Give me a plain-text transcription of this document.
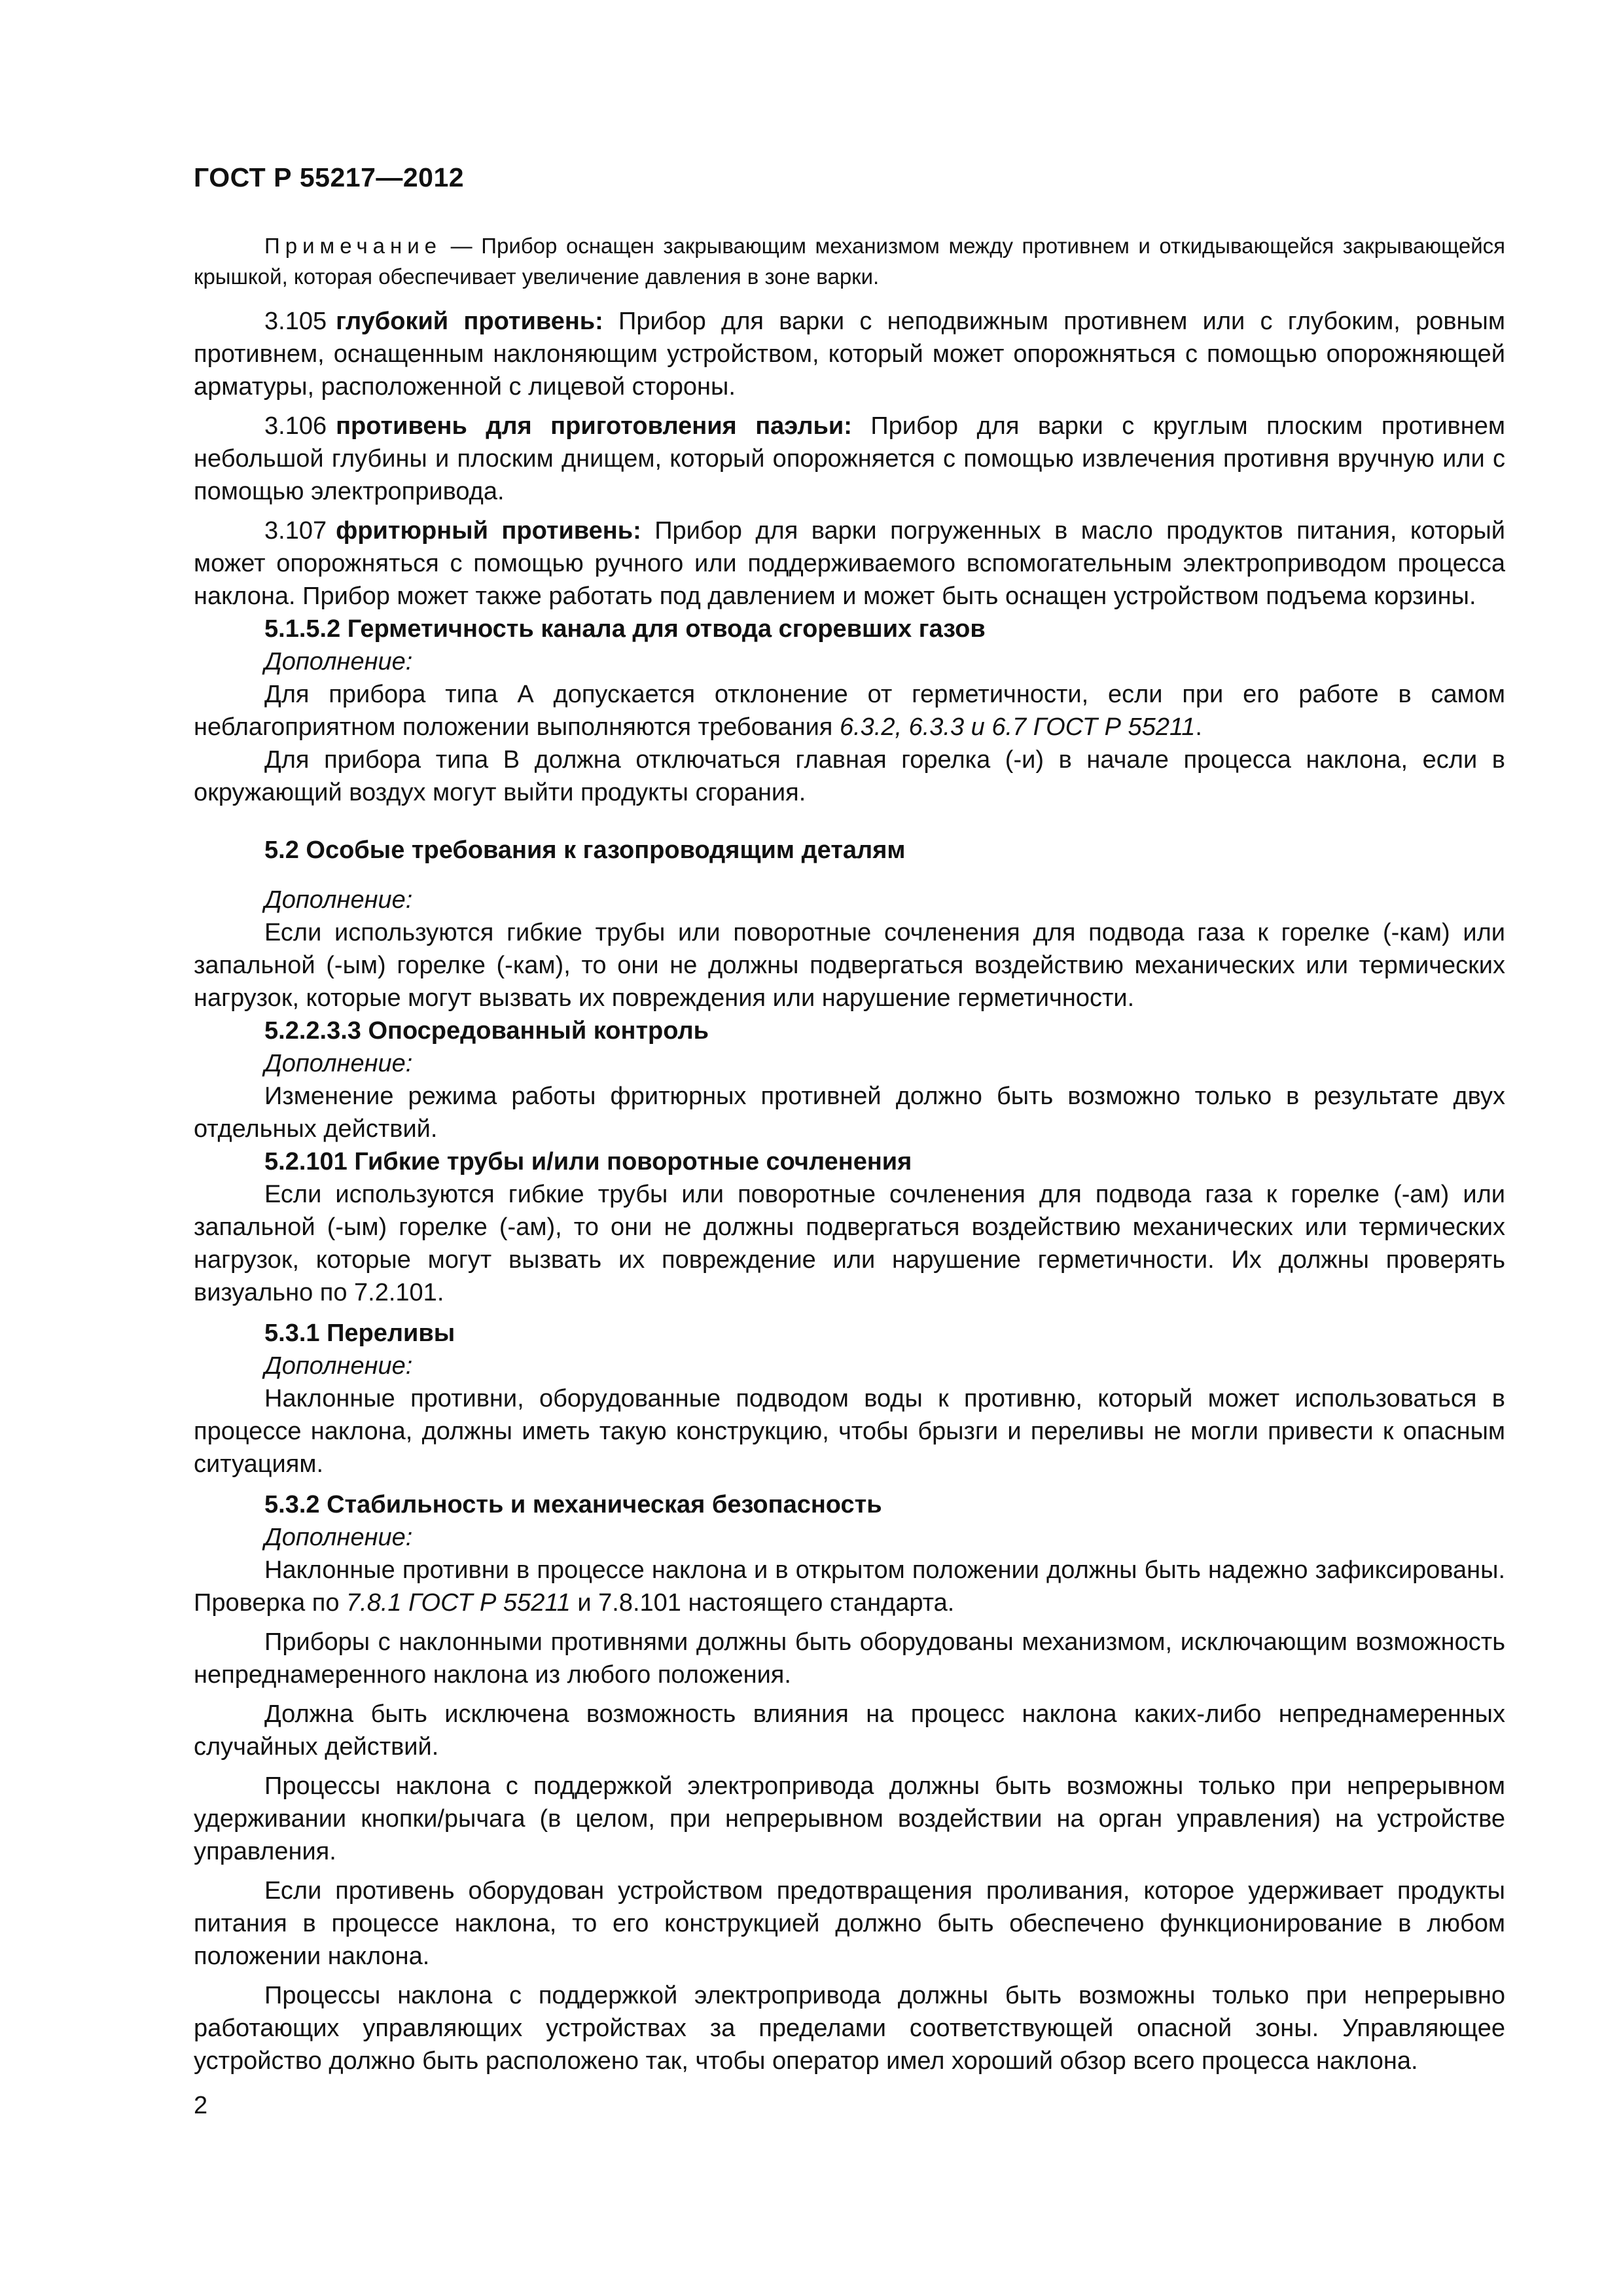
ГОСТ Р 55217—2012
Примечание — Прибор оснащен закрывающим механизмом между противнем и откидывающейся закрывающейся крышкой, которая обеспечивает увеличение давления в зоне варки.

3.105 глубокий противень: Прибор для варки с неподвижным противнем или с глубоким, ровным противнем, оснащенным наклоняющим устройством, который может опорожняться с помощью опорожняющей арматуры, расположенной с лицевой стороны.

3.106 противень для приготовления паэльи: Прибор для варки с круглым плоским противнем небольшой глубины и плоским днищем, который опорожняется с помощью извлечения противня вручную или с помощью электропривода.

3.107 фритюрный противень: Прибор для варки погруженных в масло продуктов питания, который может опорожняться с помощью ручного или поддерживаемого вспомогательным электроприводом процесса наклона. Прибор может также работать под давлением и может быть оснащен устройством подъема корзины.

5.1.5.2 Герметичность канала для отвода сгоревших газов
Дополнение:

Для прибора типа А допускается отклонение от герметичности, если при его работе в самом неблагоприятном положении выполняются требования 6.3.2, 6.3.3 и 6.7 ГОСТ Р 55211.

Для прибора типа В должна отключаться главная горелка (-и) в начале процесса наклона, если в окружающий воздух могут выйти продукты сгорания.

5.2 Особые требования к газопроводящим деталям
Дополнение:

Если используются гибкие трубы или поворотные сочленения для подвода газа к горелке (-кам) или запальной (-ым) горелке (-кам), то они не должны подвергаться воздействию механических или термических нагрузок, которые могут вызвать их повреждения или нарушение герметичности.

5.2.2.3.3 Опосредованный контроль
Дополнение:

Изменение режима работы фритюрных противней должно быть возможно только в результате двух отдельных действий.

5.2.101 Гибкие трубы и/или поворотные сочленения

Если используются гибкие трубы или поворотные сочленения для подвода газа к горелке (-ам) или запальной (-ым) горелке (-ам), то они не должны подвергаться воздействию механических или термических нагрузок, которые могут вызвать их повреждение или нарушение герметичности. Их должны проверять визуально по 7.2.101.

5.3.1 Переливы
Дополнение:

Наклонные противни, оборудованные подводом воды к противню, который может использоваться в процессе наклона, должны иметь такую конструкцию, чтобы брызги и переливы не могли привести к опасным ситуациям.

5.3.2 Стабильность и механическая безопасность
Дополнение:

Наклонные противни в процессе наклона и в открытом положении должны быть надежно зафиксированы. Проверка по 7.8.1 ГОСТ Р 55211 и 7.8.101 настоящего стандарта.

Приборы с наклонными противнями должны быть оборудованы механизмом, исключающим возможность непреднамеренного наклона из любого положения.

Должна быть исключена возможность влияния на процесс наклона каких-либо непреднамеренных случайных действий.

Процессы наклона с поддержкой электропривода должны быть возможны только при непрерывном удерживании кнопки/рычага (в целом, при непрерывном воздействии на орган управления) на устройстве управления.

Если противень оборудован устройством предотвращения проливания, которое удерживает продукты питания в процессе наклона, то его конструкцией должно быть обеспечено функционирование в любом положении наклона.

Процессы наклона с поддержкой электропривода должны быть возможны только при непрерывно работающих управляющих устройствах за пределами соответствующей опасной зоны. Управляющее устройство должно быть расположено так, чтобы оператор имел хороший обзор всего процесса наклона.

2
